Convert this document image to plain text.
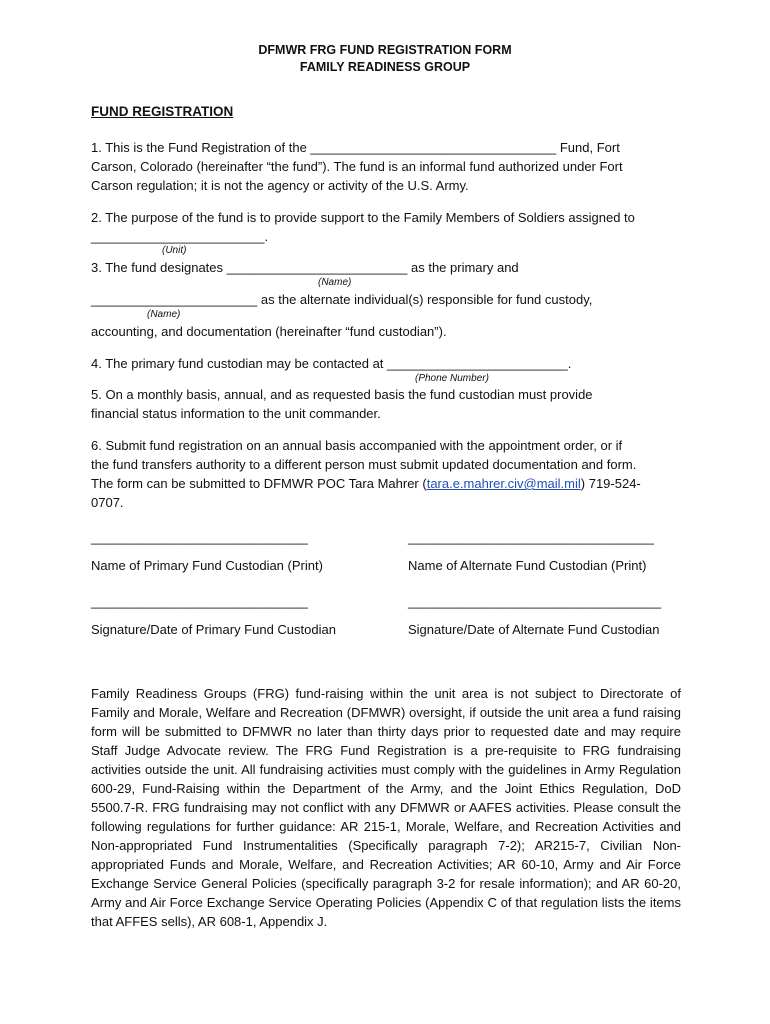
DFMWR FRG FUND REGISTRATION FORM
FAMILY READINESS GROUP
FUND REGISTRATION
1. This is the Fund Registration of the __________________________________ Fund, Fort
Carson, Colorado (hereinafter “the fund”). The fund is an informal fund authorized under Fort
Carson regulation; it is not the agency or activity of the U.S. Army.
2. The purpose of the fund is to provide support to the Family Members of Soldiers assigned to
________________________.
(Unit)
3. The fund designates _________________________ as the primary and
(Name)
_______________________ as the alternate individual(s) responsible for fund custody,
(Name)
accounting, and documentation (hereinafter “fund custodian”).
4. The primary fund custodian may be contacted at _________________________.
(Phone Number)
5. On a monthly basis, annual, and as requested basis the fund custodian must provide
financial status information to the unit commander.
6. Submit fund registration on an annual basis accompanied with the appointment order, or if
the fund transfers authority to a different person must submit updated documentation and form.
The form can be submitted to DFMWR POC Tara Mahrer (tara.e.mahrer.civ@mail.mil) 719-524-
0707.
______________________________	__________________________________
Name of Primary Fund Custodian (Print)	Name of Alternate Fund Custodian (Print)
______________________________	___________________________________
Signature/Date of Primary Fund Custodian	Signature/Date of Alternate Fund Custodian
Family Readiness Groups (FRG) fund-raising within the unit area is not subject to Directorate of Family and Morale, Welfare and Recreation (DFMWR) oversight, if outside the unit area a fund raising form will be submitted to DFMWR no later than thirty days prior to requested date and may require Staff Judge Advocate review. The FRG Fund Registration is a pre-requisite to FRG fundraising activities outside the unit. All fundraising activities must comply with the guidelines in Army Regulation 600-29, Fund-Raising within the Department of the Army, and the Joint Ethics Regulation, DoD 5500.7-R. FRG fundraising may not conflict with any DFMWR or AAFES activities. Please consult the following regulations for further guidance: AR 215-1, Morale, Welfare, and Recreation Activities and Non-appropriated Fund Instrumentalities (Specifically paragraph 7-2); AR215-7, Civilian Non-appropriated Funds and Morale, Welfare, and Recreation Activities; AR 60-10, Army and Air Force Exchange Service General Policies (specifically paragraph 3-2 for resale information); and AR 60-20, Army and Air Force Exchange Service Operating Policies (Appendix C of that regulation lists the items that AFFES sells), AR 608-1, Appendix J.
